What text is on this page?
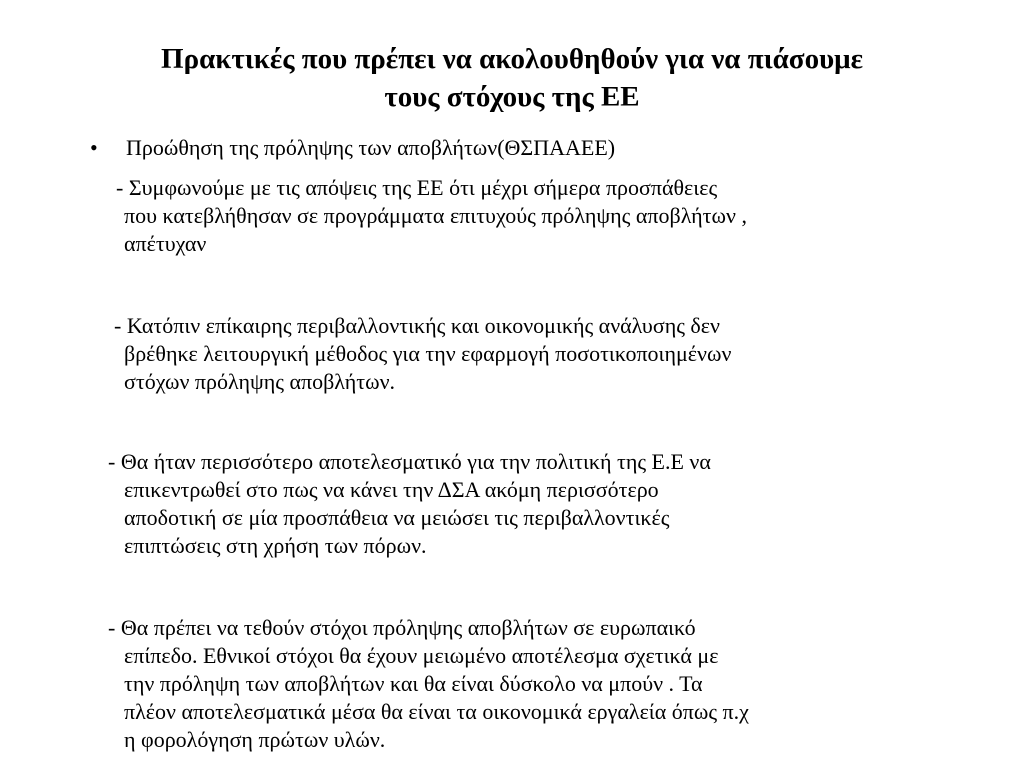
Πρακτικές που πρέπει να ακολουθηθούν για να πιάσουμε
τους στόχους της ΕΕ
• Προώθηση της πρόληψης των αποβλήτων(ΘΣΠΑΑΕΕ)
- Συμφωνούμε με τις απόψεις της ΕΕ ότι μέχρι σήμερα προσπάθειες
που κατεβλήθησαν σε προγράμματα επιτυχούς πρόληψης αποβλήτων ,
απέτυχαν
- Κατόπιν επίκαιρης περιβαλλοντικής και οικονομικής ανάλυσης δεν
βρέθηκε λειτουργική μέθοδος για την εφαρμογή ποσοτικοποιημένων
στόχων πρόληψης αποβλήτων.
- Θα ήταν περισσότερο αποτελεσματικό για την πολιτική της Ε.Ε να
επικεντρωθεί στο πως να κάνει την ΔΣΑ ακόμη περισσότερο
αποδοτική σε μία προσπάθεια να μειώσει τις περιβαλλοντικές
επιπτώσεις στη χρήση των πόρων.
- Θα πρέπει να τεθούν στόχοι πρόληψης αποβλήτων σε ευρωπαικό
επίπεδο. Εθνικοί στόχοι θα έχουν μειωμένο αποτέλεσμα σχετικά με
την πρόληψη των αποβλήτων και θα είναι δύσκολο να μπούν . Τα
πλέον αποτελεσματικά μέσα θα είναι τα οικονομικά εργαλεία όπως π.χ
η φορολόγηση πρώτων υλών.
